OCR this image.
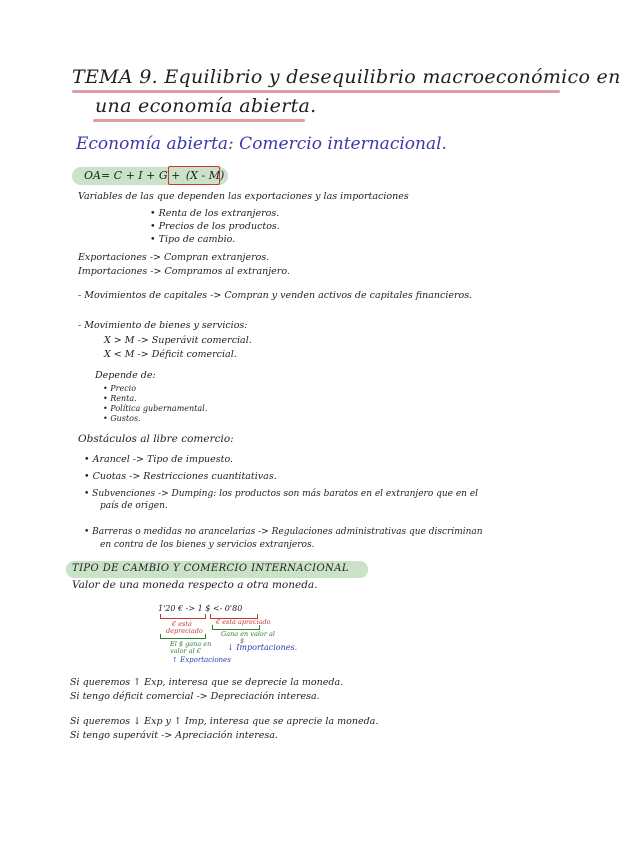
TEMA 9. Equilibrio y desequilibrio macroeconómico en
una economía abierta.
Economía abierta: Comercio internacional.
OA= C + I + G + (X - M)
Variables de las que dependen las exportaciones y las importaciones
• Renta de los extranjeros.
• Precios de los productos.
• Tipo de cambio.
Exportaciones -> Compran extranjeros.
Importaciones -> Compramos al extranjero.
- Movimientos de capitales -> Compran y venden activos de capitales financieros.
- Movimiento de bienes y servicios:
X > M -> Superávit comercial.
X < M -> Déficit comercial.
Depende de:
• Precio
• Renta.
• Política gubernamental.
• Gustos.
Obstáculos al libre comercio:
• Arancel -> Tipo de impuesto.
• Cuotas -> Restricciones cuantitativas.
• Subvenciones -> Dumping: los productos son más baratos en el extranjero que en el
país de origen.
• Barreras o medidas no arancelarias -> Regulaciones administrativas que discriminan
en contra de los bienes y servicios extranjeros.
TIPO DE CAMBIO Y COMERCIO INTERNACIONAL
Valor de una moneda respecto a otra moneda.
1'20 € -> 1 $ <- 0'80
€ está
depreciado
€ está apreciado
El $ gana en
valor al €
Gana en valor al
$
↓ Importaciones.
↑ Exportaciones
Si queremos ↑ Exp, interesa que se deprecie la moneda.
Si tengo déficit comercial -> Depreciación interesa.
Si queremos ↓ Exp y ↑ Imp, interesa que se aprecie la moneda.
Si tengo superávit -> Apreciación interesa.
